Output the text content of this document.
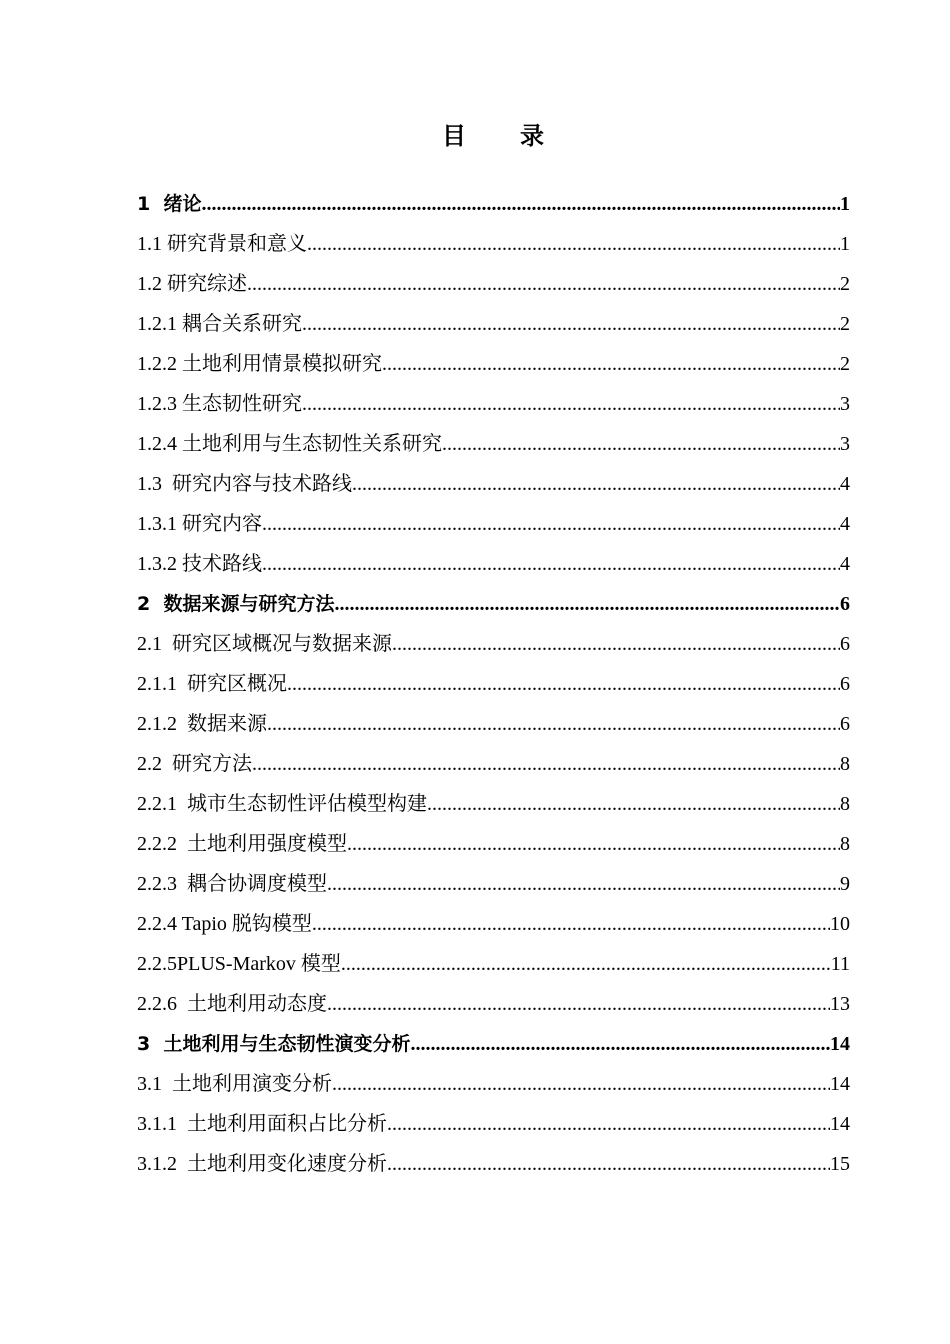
目　　录
1  绪论 .....	1
1.1 研究背景和意义 .....	1
1.2 研究综述 .....	2
1.2.1 耦合关系研究 .....	2
1.2.2 土地利用情景模拟研究 .....	2
1.2.3 生态韧性研究 .....	3
1.2.4 土地利用与生态韧性关系研究 .....	3
1.3  研究内容与技术路线 .....	4
1.3.1 研究内容 .....	4
1.3.2 技术路线 .....	4
2  数据来源与研究方法 .....	6
2.1  研究区域概况与数据来源 .....	6
2.1.1  研究区概况 .....	6
2.1.2  数据来源 .....	6
2.2  研究方法 .....	8
2.2.1  城市生态韧性评估模型构建 .....	8
2.2.2  土地利用强度模型 .....	8
2.2.3  耦合协调度模型 .....	9
2.2.4 Tapio 脱钩模型 .....	10
2.2.5PLUS-Markov 模型 .....	11
2.2.6  土地利用动态度 .....	13
3  土地利用与生态韧性演变分析 .....	14
3.1  土地利用演变分析 .....	14
3.1.1  土地利用面积占比分析 .....	14
3.1.2  土地利用变化速度分析 .....	15
